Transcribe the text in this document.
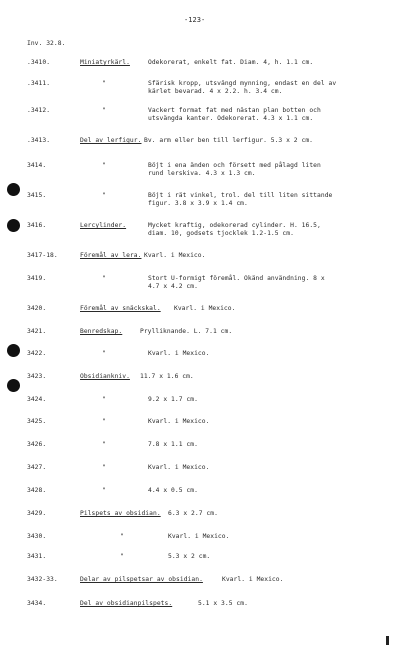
-123-
Inv. 32.8.
.3410.	Miniatyrkärl.	Odekorerat, enkelt fat. Diam. 4, h. 1.1 cm.
.3411.	"	Sfärisk kropp, utsvängd mynning, endast en del av
kärlet bevarad. 4 x 2.2. h. 3.4 cm.
.3412.	"	Vackert format fat med nästan plan botten och
utsvängda kanter. Odekorerat. 4.3 x 1.1 cm.
.3413.	Del av lerfigur. Bv. arm eller ben till lerfigur. 5.3 x 2 cm.
3414.	"	Böjt i ena änden och försett med pålagd liten
rund lerskiva. 4.3 x 1.3 cm.
3415.	"	Böjt i rät vinkel, trol. del till liten sittande
figur. 3.8 x 3.9 x 1.4 cm.
3416.	Lercylinder.	Mycket kraftig, odekorerad cylinder. H. 16.5,
diam. 10, godsets tjocklek 1.2-1.5 cm.
3417-18.	Föremål av lera. Kvarl. i Mexico.
3419.	"	Stort U-formigt föremål. Okänd användning. 8 x
4.7 x 4.2 cm.
3420.	Föremål av snäckskal. Kvarl. i Mexico.
3421.	Benredskap.	Prylliknande. L. 7.1 cm.
3422.	"	Kvarl. i Mexico.
3423.	Obsidiankniv. 11.7 x 1.6 cm.
3424.	"	9.2 x 1.7 cm.
3425.	"	Kvarl. i Mexico.
3426.	"	7.8 x 1.1 cm.
3427.	"	Kvarl. i Mexico.
3428.	"	4.4 x 0.5 cm.
3429.	Pilspets av obsidian. 6.3 x 2.7 cm.
3430.	"	Kvarl. i Mexico.
3431.	"	5.3 x 2 cm.
3432-33.	Delar av pilspetsar av obsidian.	Kvarl. i Mexico.
3434.	Del av obsidianpilspets.	5.1 x 3.5 cm.
